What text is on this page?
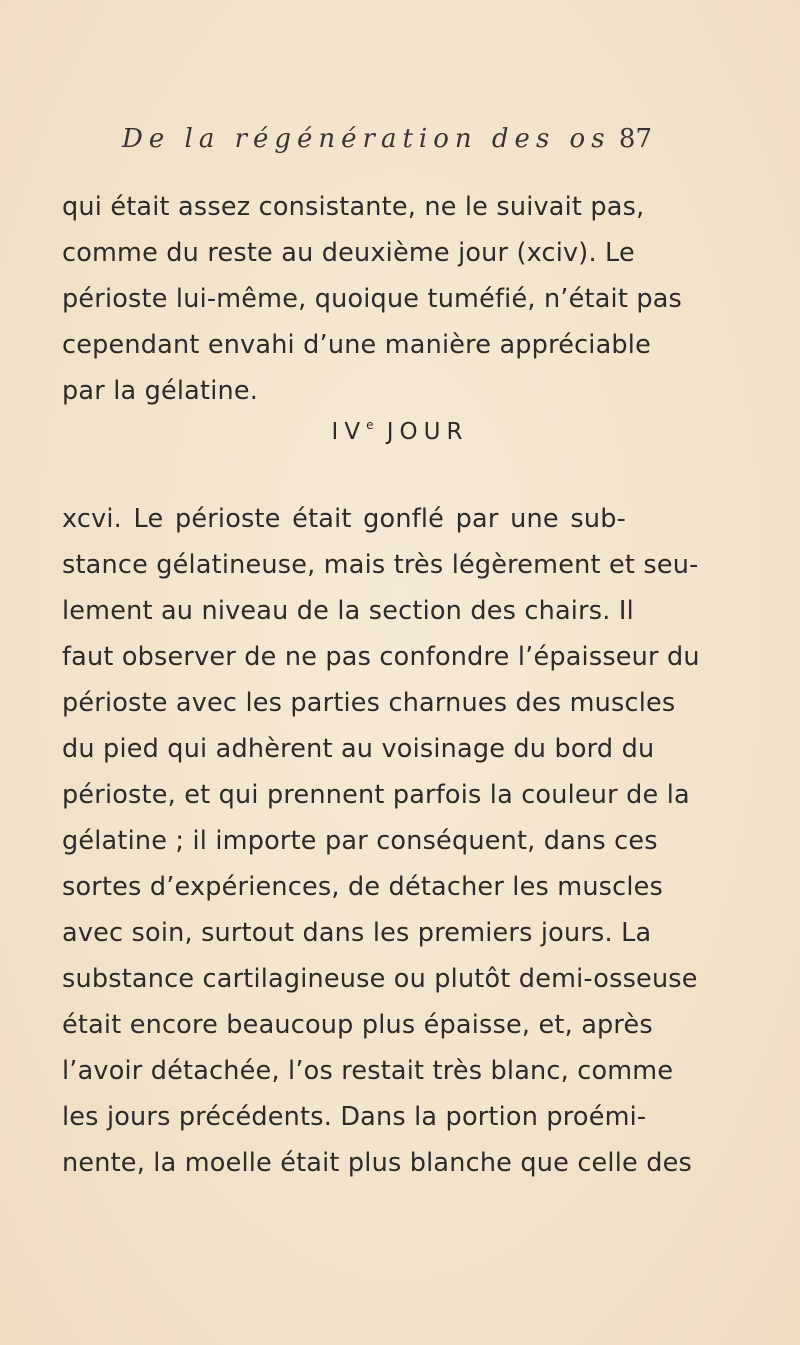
De la régénération des os 87
qui était assez consistante, ne le suivait pas,
comme du reste au deuxième jour (xciv). Le
périoste lui-même, quoique tuméfié, n’était pas
cependant envahi d’une manière appréciable
par la gélatine.
IVe JOUR
xcvi. Le périoste était gonflé par une sub-
stance gélatineuse, mais très légèrement et seu-
lement au niveau de la section des chairs. Il
faut observer de ne pas confondre l’épaisseur du
périoste avec les parties charnues des muscles
du pied qui adhèrent au voisinage du bord du
périoste, et qui prennent parfois la couleur de la
gélatine ; il importe par conséquent, dans ces
sortes d’expériences, de détacher les muscles
avec soin, surtout dans les premiers jours. La
substance cartilagineuse ou plutôt demi-osseuse
était encore beaucoup plus épaisse, et, après
l’avoir détachée, l’os restait très blanc, comme
les jours précédents. Dans la portion proémi-
nente, la moelle était plus blanche que celle des
